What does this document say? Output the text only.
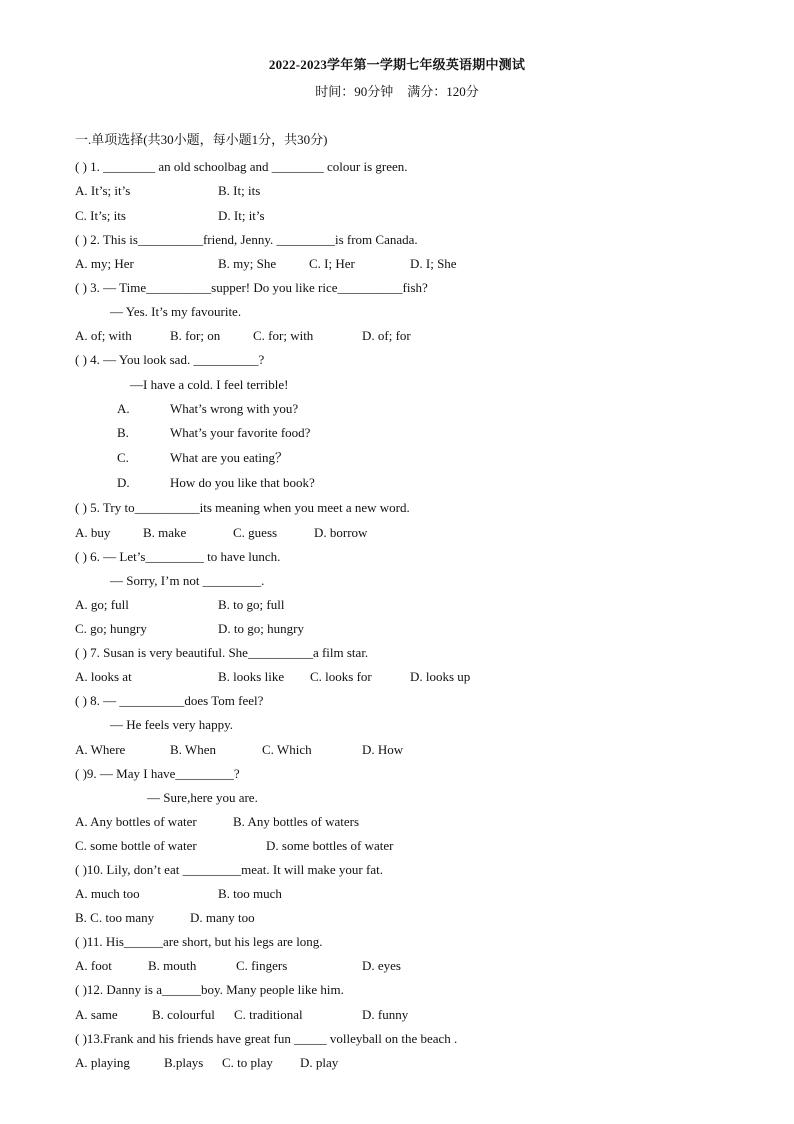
2022-2023学年第一学期七年级英语期中测试
时间：90分钟 满分：120分
一.单项选择(共30小题，每小题1分，共30分)
( ) 1. ________ an old schoolbag and ________ colour is green.
A. It’s; it’s	B. It; its
C. It’s; its	D. It; it’s
( ) 2. This is__________friend, Jenny. _________is from Canada.
A. my; Her	B. my; She	C. I; Her	D. I; She
( ) 3. — Time__________supper! Do you like rice__________fish?
— Yes. It’s my favourite.
A. of; with	B. for; on	C. for; with	D. of; for
( ) 4. — You look sad. __________?
—I have a cold. I feel terrible!
A.	What’s wrong with you?
B.	What’s your favorite food?
C.	What are you eating？
D.	How do you like that book?
( ) 5. Try to__________its meaning when you meet a new word.
A. buy	B. make	C. guess	D. borrow
( ) 6. — Let’s_________ to have lunch.
— Sorry, I’m not _________.
A. go; full	B. to go; full
C. go; hungry	D. to go; hungry
( ) 7. Susan is very beautiful. She__________a film star.
A. looks at	B. looks like C. looks for	D. looks up
( ) 8. — __________does Tom feel?
— He feels very happy.
A. Where	B. When	C. Which	D. How
( )9. — May I have_________?
— Sure,here you are.
A. Any bottles of water	B. Any bottles of waters
C. some bottle of water	D. some bottles of water
( )10. Lily, don’t eat _________meat. It will make your fat.
A. much too	B. too much
B. C. too many	D. many too
( )11. His______are short, but his legs are long.
A. foot	B. mouth	C. fingers	D. eyes
( )12. Danny is a______boy. Many people like him.
A. same	B. colourful C. traditional	D. funny
( )13.Frank and his friends have great fun _____ volleyball on the beach .
A. playing	B.plays C. to play D. play
